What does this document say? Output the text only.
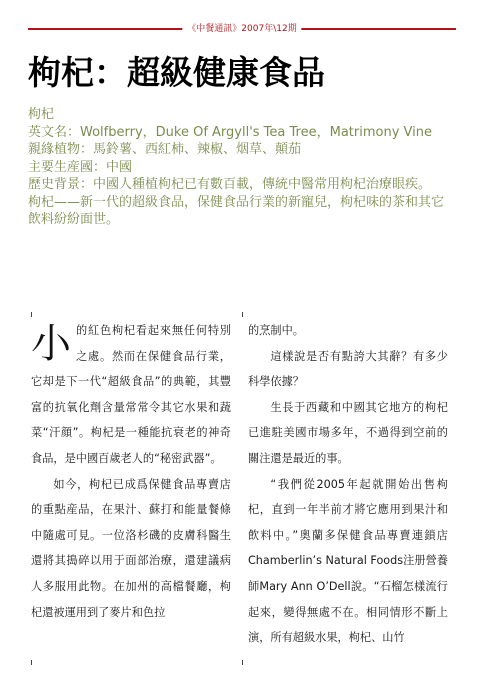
《中餐通訊》2007年\12期
枸杞：超級健康食品

枸杞

英文名：Wolfberry，Duke Of Argyll's Tea Tree，Matrimony Vine

親緣植物：馬鈴薯、西紅柿、辣椒、烟草、顛茄

主要生産國：中國

歷史背景：中國人種植枸杞已有數百載，傳統中醫常用枸杞治療眼疾。

枸杞——新一代的超級食品，保健食品行業的新寵兒，枸杞味的茶和其它飲料紛紛面世。

小的紅色枸杞看起來無任何特別之處。然而在保健食品行業，它却是下一代“超級食品”的典範，其豐富的抗氧化劑含量常常令其它水果和蔬菜“汗顔”。枸杞是一種能抗衰老的神奇食品，是中國百歲老人的“秘密武器”。

如今，枸杞已成爲保健食品專賣店的重點産品，在果汁、蘇打和能量餐條中隨處可見。一位洛杉磯的皮膚科醫生還將其搗碎以用于面部治療，還建議病人多服用此物。在加州的高檔餐廳，枸杞還被運用到了麥片和色拉

的烹制中。

這樣說是否有點誇大其辭？有多少科學依據？

生長于西藏和中國其它地方的枸杞已進駐美國市場多年，不過得到空前的關注還是最近的事。

“我們從2005年起就開始出售枸杞，直到一年半前才將它應用到果汁和飲料中。”奧蘭多保健食品專賣連鎖店Chamberlin’s Natural Foods注册營養師Mary Ann O’Dell說。“石榴怎樣流行起來，變得無處不在。相同情形不斷上演，所有超級水果，枸杞、山竹
